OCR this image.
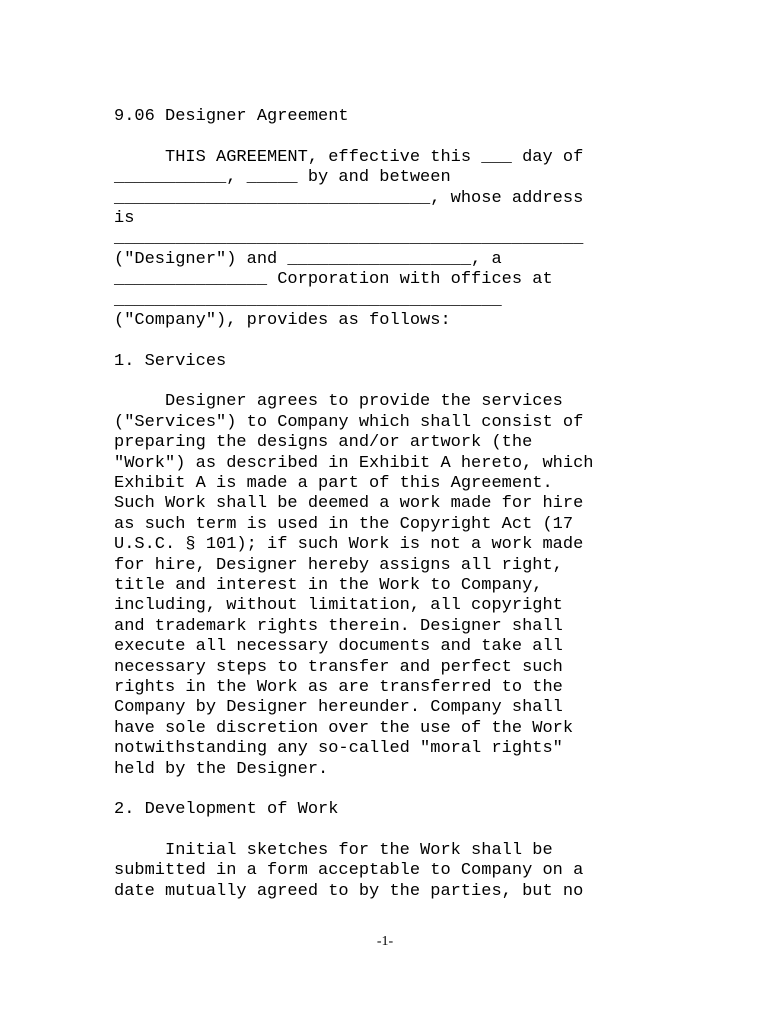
9.06 Designer Agreement
THIS AGREEMENT, effective this ___ day of
___________, _____ by and between
_______________________________, whose address
is
______________________________________________
("Designer") and __________________, a
_______________ Corporation with offices at
______________________________________
("Company"), provides as follows:
1. Services
Designer agrees to provide the services
("Services") to Company which shall consist of
preparing the designs and/or artwork (the
"Work") as described in Exhibit A hereto, which
Exhibit A is made a part of this Agreement.
Such Work shall be deemed a work made for hire
as such term is used in the Copyright Act (17
U.S.C. § 101); if such Work is not a work made
for hire, Designer hereby assigns all right,
title and interest in the Work to Company,
including, without limitation, all copyright
and trademark rights therein. Designer shall
execute all necessary documents and take all
necessary steps to transfer and perfect such
rights in the Work as are transferred to the
Company by Designer hereunder. Company shall
have sole discretion over the use of the Work
notwithstanding any so-called "moral rights"
held by the Designer.
2. Development of Work
Initial sketches for the Work shall be
submitted in a form acceptable to Company on a
date mutually agreed to by the parties, but no
-1-
